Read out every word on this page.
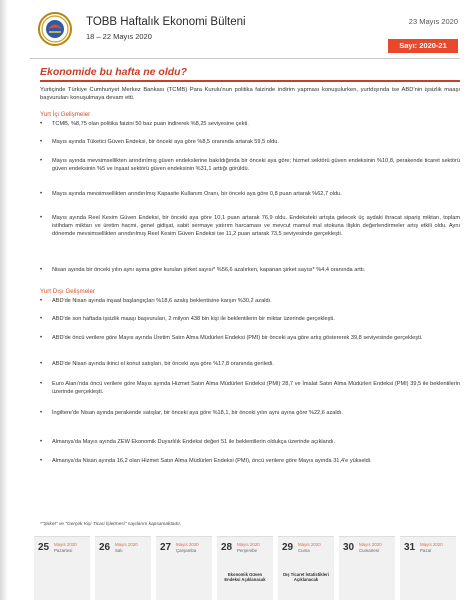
TOBB Haftalık Ekonomi Bülteni
18 – 22 Mayıs 2020
23 Mayıs 2020
Sayı: 2020-21
Ekonomide bu hafta ne oldu?
Yurtiçinde Türkiye Cumhuriyet Merkez Bankası (TCMB) Para Kurulu'nun politika faizinde indirim yapması konuşulurken, yurtdışında ise ABD'nin işsizlik maaşı başvuruları konuşulmaya devam etti.
Yurt İçi Gelişmeler
•	TCMB, %8,75 olan politika faizini 50 baz puan indirerek %8,25 seviyesine çekti.
•	Mayıs ayında Tüketici Güven Endeksi, bir önceki aya göre %8,5 oranında artarak 59,5 oldu.
•	Mayıs ayında mevsimsellikten arındırılmış güven endekslerine bakıldığında bir önceki aya göre; hizmet sektörü güven endeksinin %10,8, perakende ticaret sektörü güven endeksinin %5 ve inşaat sektörü güven endeksinin %31,1 arttığı görüldü.
•	Mayıs ayında mevsimsellikten arındırılmış Kapasite Kullanım Oranı, bir önceki aya göre 0,8 puan artarak %62,7 oldu.
•	Mayıs ayında Reel Kesim Güven Endeksi, bir önceki aya göre 10,1 puan artarak 76,9 oldu. Endeksteki artışta gelecek üç aydaki ihracat sipariş miktarı, toplam istihdam miktarı ve üretim hacmi, genel gidişat, sabit sermaye yatırım harcaması ve mevcut mamul mal stokuna ilişkin değerlendirmeler artış etkili oldu. Aynı dönemde mevsimsellikten arındırılmış Reel Kesim Güven Endeksi ise 11,2 puan artarak 73,5 seviyesinde gerçekleşti.
•	Nisan ayında bir önceki yılın aynı ayına göre kurulan şirket sayısı* %56,6 azalırken, kapanan şirket sayısı* %4,4 oranında arttı.
Yurt Dışı Gelişmeler
•	ABD'de Nisan ayında inşaat başlangıçları %18,6 azalış beklentisine karşın %30,2 azaldı.
•	ABD'de son haftada işsizlik maaşı başvuruları, 2 milyon 438 bin kişi ile beklentilerin bir miktar üzerinde gerçekleşti.
•	ABD'de öncü verilere göre Mayıs ayında Üretim Satın Alma Müdürleri Endeksi (PMI) bir önceki aya göre artış göstererek 39,8 seviyesinde gerçekleşti.
•	ABD'de Nisan ayında ikinci el konut satışları, bir önceki aya göre %17,8 oranında geriledi.
•	Euro Alanı'nda öncü verilere göre Mayıs ayında Hizmet Satın Alma Müdürleri Endeksi (PMI) 28,7 ve İmalat Satın Alma Müdürleri Endeksi (PMI) 39,5 ile beklentilerin üzerinde gerçekleşti.
•	İngiltere'de Nisan ayında perakende satışlar, bir önceki aya göre %18,1, bir önceki yılın aynı ayına göre %22,6 azaldı.
•	Almanya'da Mayıs ayında ZEW Ekonomik Duyarlılık Endeksi değeri 51 ile beklentilerin oldukça üzerinde açıklandı.
•	Almanya'da Nisan ayında 16,2 olan Hizmet Satın Alma Müdürleri Endeksi (PMI), öncü verilere göre Mayıs ayında 31,4'e yükseldi.
*"Şirket" ve "Gerçek Kişi Ticari İşletmesi" sayılarını kapsamaktadır.
25 Mayıs 2020
Pazartesi	26 Mayıs 2020
Salı	27 Mayıs 2020
Çarşamba 28 Mayıs 2020
Perşembe
Ekonomik Güven Endeksi Açıklanacak
29 Mayıs 2020
Cuma
Dış Ticaret İstatistikleri Açıklanacak
30 Mayıs 2020
Cumartesi 31 Mayıs 2020
Pazar
